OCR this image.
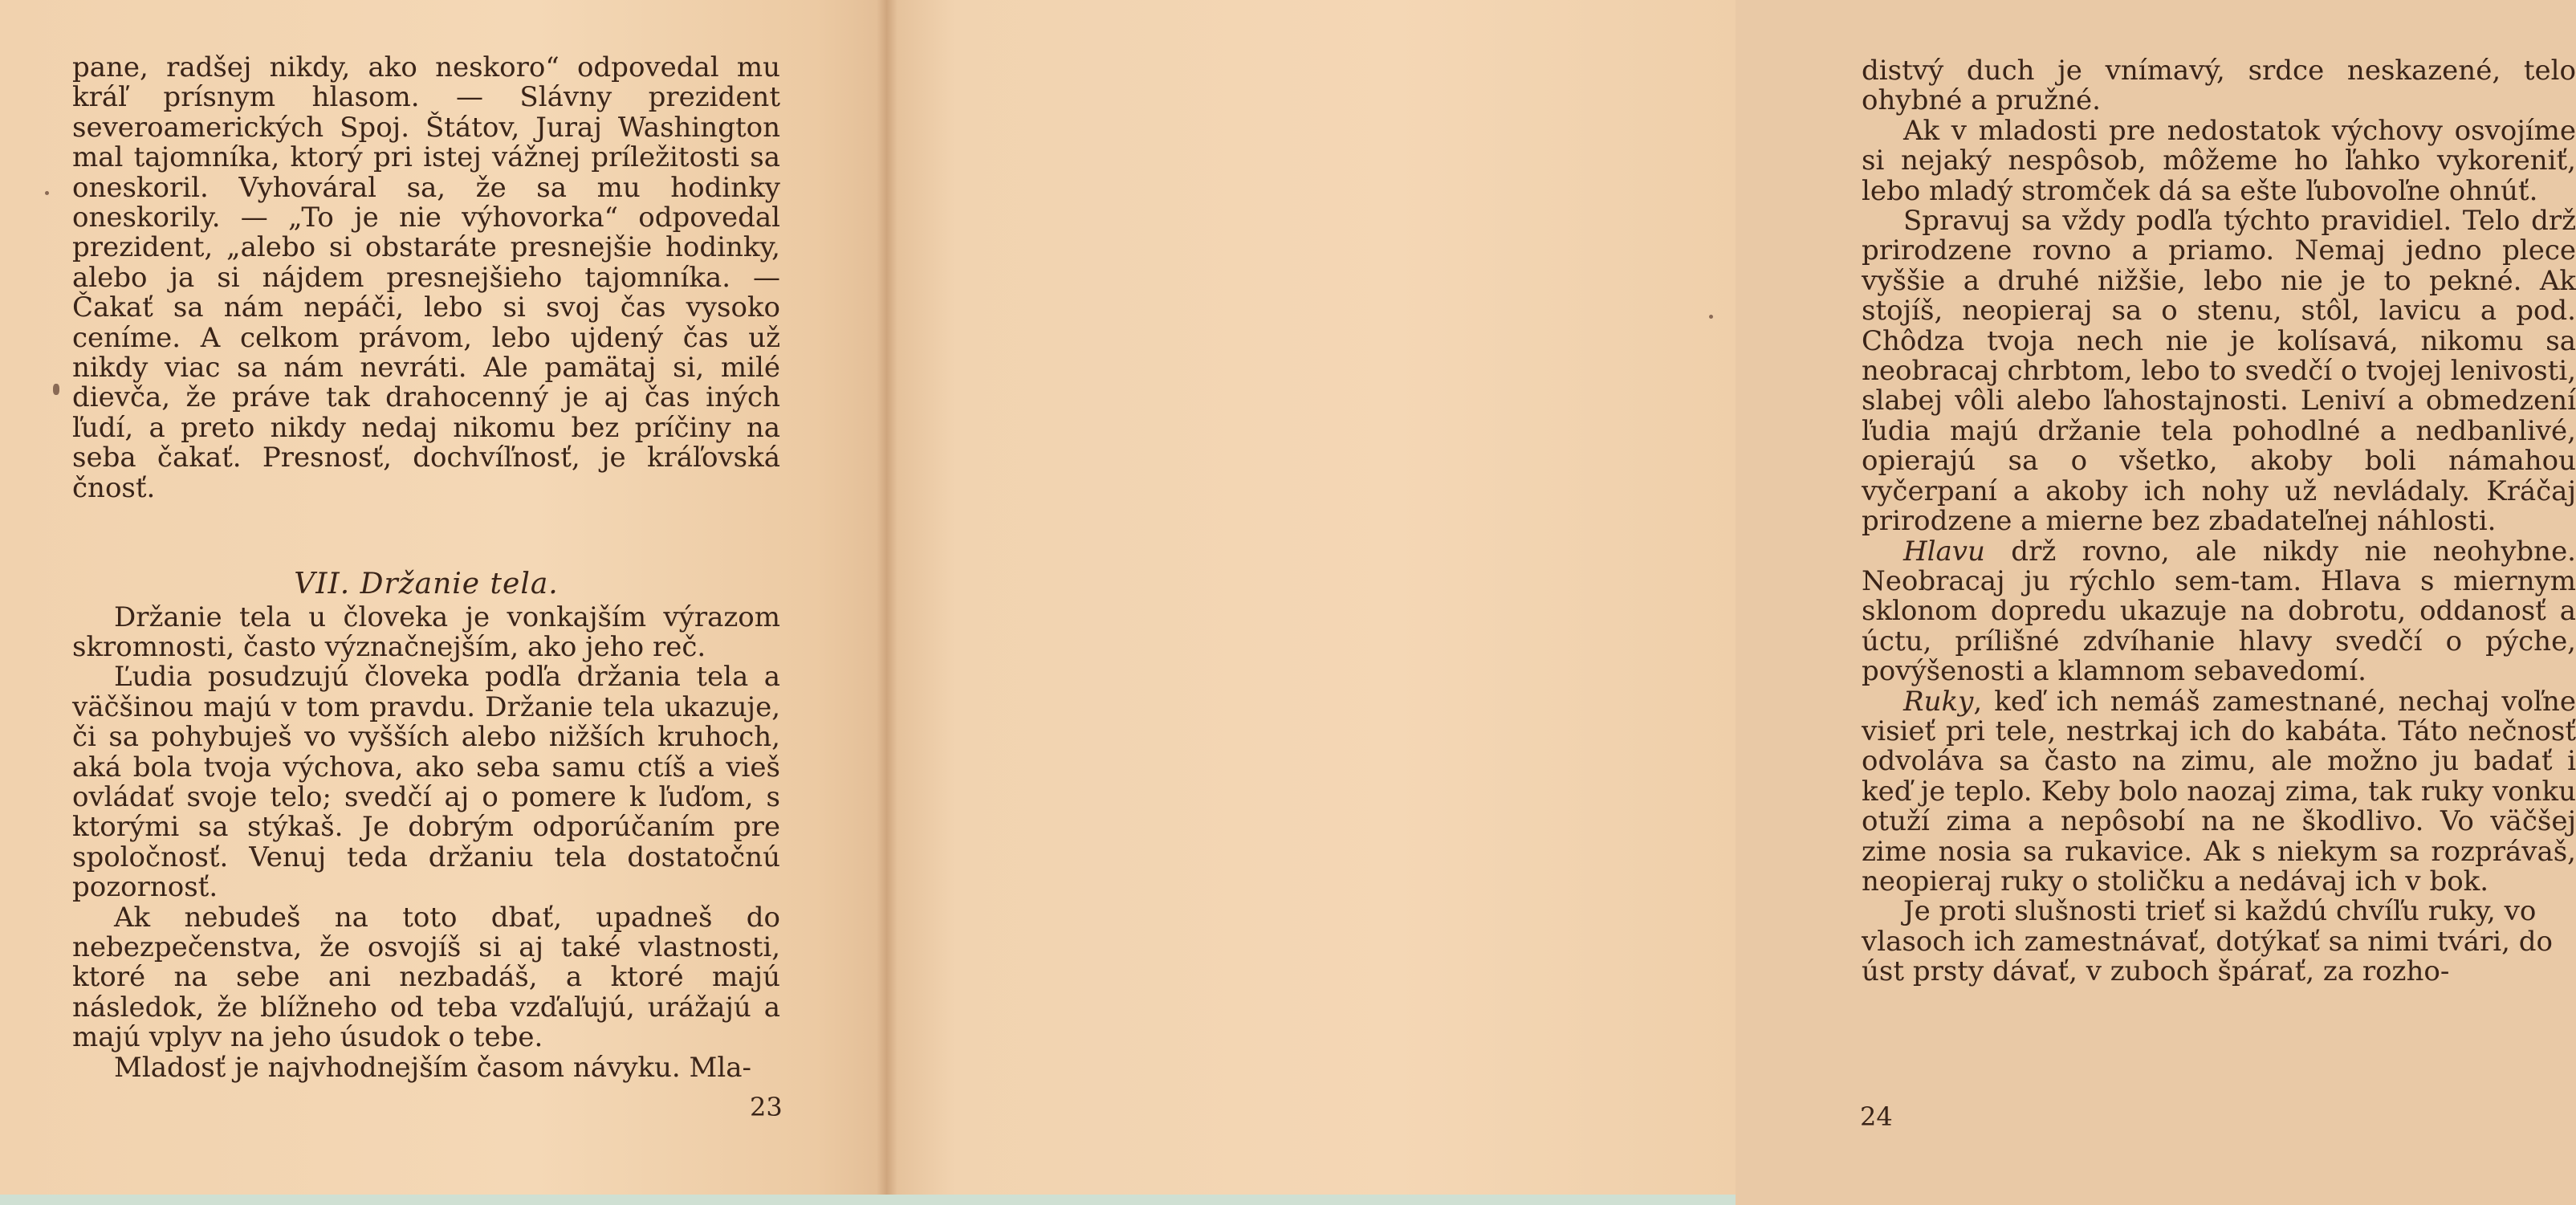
pane, radšej nikdy, ako neskoro“ odpovedal mu kráľ prísnym hlasom. — Slávny prezident severoamerických Spoj. Štátov, Juraj Washington mal tajomníka, ktorý pri istej vážnej príležitosti sa oneskoril. Vyhováral sa, že sa mu hodinky oneskorily. — „To je nie výhovorka“ odpovedal prezident, „alebo si obstaráte presnejšie hodinky, alebo ja si nájdem presnejšieho tajomníka. — Čakať sa nám nepáči, lebo si svoj čas vysoko ceníme. A celkom právom, lebo ujdený čas už nikdy viac sa nám nevráti. Ale pamätaj si, milé dievča, že práve tak drahocenný je aj čas iných ľudí, a preto nikdy nedaj nikomu bez príčiny na seba čakať. Presnosť, dochvíľnosť, je kráľovská čnosť.

VII. Držanie tela.

Držanie tela u človeka je vonkajším výrazom skromnosti, často význačnejším, ako jeho reč.

Ľudia posudzujú človeka podľa držania tela a väčšinou majú v tom pravdu. Držanie tela ukazuje, či sa pohybuješ vo vyšších alebo nižších kruhoch, aká bola tvoja výchova, ako seba samu ctíš a vieš ovládať svoje telo; svedčí aj o pomere k ľuďom, s ktorými sa stýkaš. Je dobrým odporúčaním pre spoločnosť. Venuj teda držaniu tela dostatočnú pozornosť.

Ak nebudeš na toto dbať, upadneš do nebezpečenstva, že osvojíš si aj také vlastnosti, ktoré na sebe ani nezbadáš, a ktoré majú následok, že blížneho od teba vzďaľujú, urážajú a majú vplyv na jeho úsudok o tebe.

Mladosť je najvhodnejším časom návyku. Mla-

23

distvý duch je vnímavý, srdce neskazené, telo ohybné a pružné.

Ak v mladosti pre nedostatok výchovy osvojíme si nejaký nespôsob, môžeme ho ľahko vykoreniť, lebo mladý stromček dá sa ešte ľubovoľne ohnúť.

Spravuj sa vždy podľa týchto pravidiel. Telo drž prirodzene rovno a priamo. Nemaj jedno plece vyššie a druhé nižšie, lebo nie je to pekné. Ak stojíš, neopieraj sa o stenu, stôl, lavicu a pod. Chôdza tvoja nech nie je kolísavá, nikomu sa neobracaj chrbtom, lebo to svedčí o tvojej lenivosti, slabej vôli alebo ľahostajnosti. Leniví a obmedzení ľudia majú držanie tela pohodlné a nedbanlivé, opierajú sa o všetko, akoby boli námahou vyčerpaní a akoby ich nohy už nevládaly. Kráčaj prirodzene a mierne bez zbadateľnej náhlosti.

Hlavu drž rovno, ale nikdy nie neohybne. Neobracaj ju rýchlo sem-tam. Hlava s miernym sklonom dopredu ukazuje na dobrotu, oddanosť a úctu, prílišné zdvíhanie hlavy svedčí o pýche, povýšenosti a klamnom sebavedomí.

Ruky, keď ich nemáš zamestnané, nechaj voľne visieť pri tele, nestrkaj ich do kabáta. Táto nečnosť odvoláva sa často na zimu, ale možno ju badať i keď je teplo. Keby bolo naozaj zima, tak ruky vonku otuží zima a nepôsobí na ne škodlivo. Vo väčšej zime nosia sa rukavice. Ak s niekym sa rozprávaš, neopieraj ruky o stoličku a nedávaj ich v bok.

Je proti slušnosti trieť si každú chvíľu ruky, vo vlasoch ich zamestnávať, dotýkať sa nimi tvári, do úst prsty dávať, v zuboch špárať, za rozho-

24
